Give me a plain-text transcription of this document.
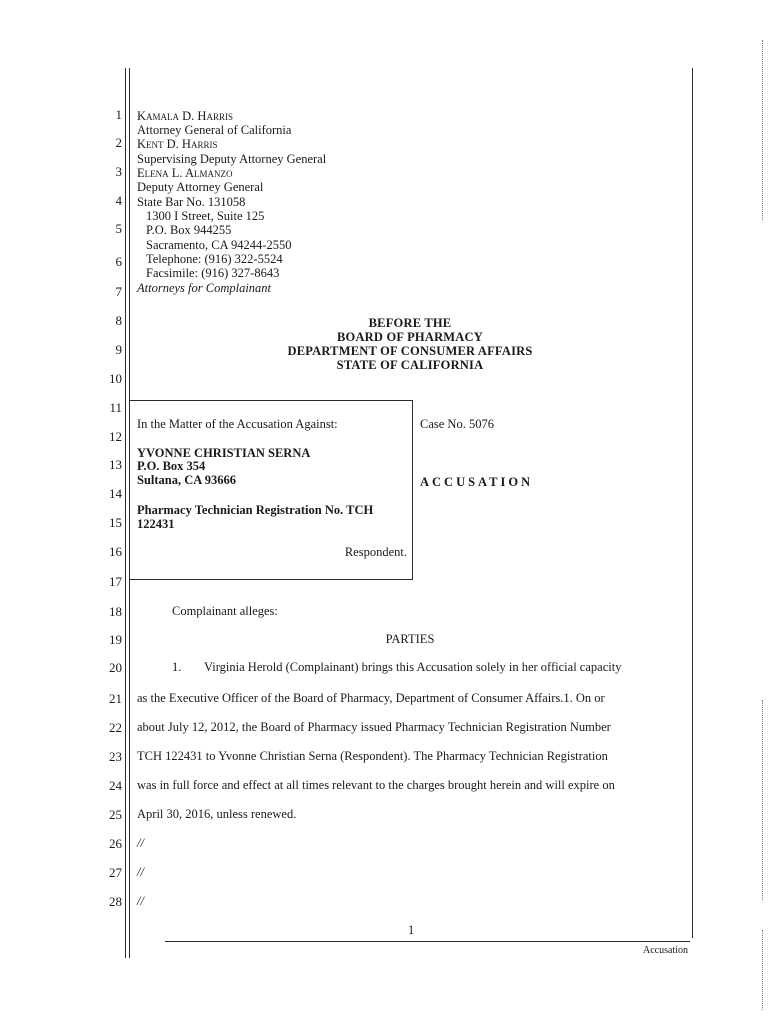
1
2
3
4
5
6
7
8
9
10
11
12
13
14
15
16
17
18
19
20
21
22
23
24
25
26
27
28
Kamala D. Harris
Attorney General of California
Kent D. Harris
Supervising Deputy Attorney General
Elena L. Almanzo
Deputy Attorney General
State Bar No. 131058
1300 I Street, Suite 125
P.O. Box 944255
Sacramento, CA 94244-2550
Telephone: (916) 322-5524
Facsimile: (916) 327-8643
Attorneys for Complainant
BEFORE THE
BOARD OF PHARMACY
DEPARTMENT OF CONSUMER AFFAIRS
STATE OF CALIFORNIA
In the Matter of the Accusation Against:
YVONNE CHRISTIAN SERNA
P.O. Box 354
Sultana, CA 93666
Pharmacy Technician Registration No. TCH
122431
Respondent.
Case No. 5076
ACCUSATION
Complainant alleges:
PARTIES
1. Virginia Herold (Complainant) brings this Accusation solely in her official capacity
as the Executive Officer of the Board of Pharmacy, Department of Consumer Affairs.1. On or
about July 12, 2012, the Board of Pharmacy issued Pharmacy Technician Registration Number
TCH 122431 to Yvonne Christian Serna (Respondent). The Pharmacy Technician Registration
was in full force and effect at all times relevant to the charges brought herein and will expire on
April 30, 2016, unless renewed.
//
//
//
1
Accusation
